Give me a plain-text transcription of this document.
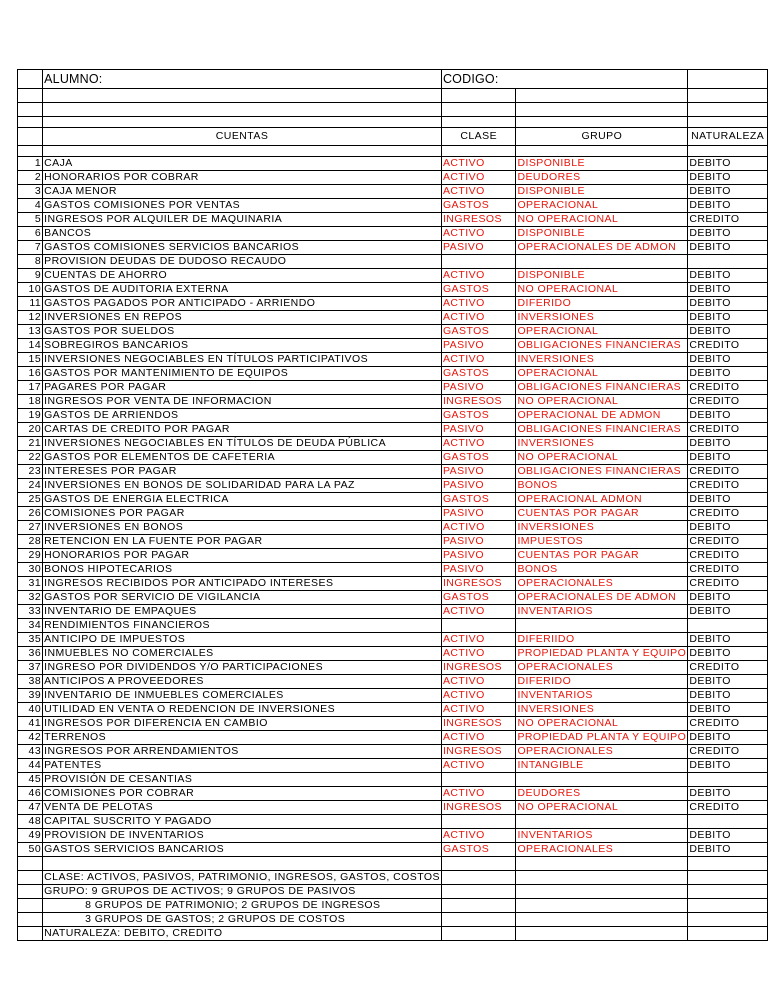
	ALUMNO:	CODIGO:		

	CUENTAS	CLASE	GRUPO	NATURALEZA

1	CAJA	ACTIVO	DISPONIBLE	DEBITO
2	HONORARIOS POR COBRAR	ACTIVO	DEUDORES	DEBITO
3	CAJA MENOR	ACTIVO	DISPONIBLE	DEBITO
4	GASTOS COMISIONES POR VENTAS	GASTOS	OPERACIONAL	DEBITO
5	INGRESOS POR ALQUILER DE MAQUINARIA	INGRESOS	NO OPERACIONAL	CREDITO
6	BANCOS	ACTIVO	DISPONIBLE	DEBITO
7	GASTOS COMISIONES SERVICIOS BANCARIOS	PASIVO	OPERACIONALES DE ADMON	DEBITO
8	PROVISION DEUDAS DE DUDOSO RECAUDO			
9	CUENTAS DE AHORRO	ACTIVO	DISPONIBLE	DEBITO
10	GASTOS DE AUDITORIA EXTERNA	GASTOS	NO OPERACIONAL	DEBITO
11	GASTOS PAGADOS POR ANTICIPADO - ARRIENDO	ACTIVO	DIFERIDO	DEBITO
12	INVERSIONES EN REPOS	ACTIVO	INVERSIONES	DEBITO
13	GASTOS POR SUELDOS	GASTOS	OPERACIONAL	DEBITO
14	SOBREGIROS BANCARIOS	PASIVO	OBLIGACIONES FINANCIERAS	CREDITO
15	INVERSIONES NEGOCIABLES EN TÍTULOS PARTICIPATIVOS	ACTIVO	INVERSIONES	DEBITO
16	GASTOS POR MANTENIMIENTO DE EQUIPOS	GASTOS	OPERACIONAL	DEBITO
17	PAGARES POR PAGAR	PASIVO	OBLIGACIONES FINANCIERAS	CREDITO
18	INGRESOS POR VENTA DE INFORMACION	INGRESOS	NO OPERACIONAL	CREDITO
19	GASTOS DE ARRIENDOS	GASTOS	OPERACIONAL DE ADMON	DEBITO
20	CARTAS DE CREDITO POR PAGAR	PASIVO	OBLIGACIONES FINANCIERAS	CREDITO
21	INVERSIONES NEGOCIABLES EN TÍTULOS DE DEUDA PÚBLICA	ACTIVO	INVERSIONES	DEBITO
22	GASTOS POR ELEMENTOS DE CAFETERIA	GASTOS	NO OPERACIONAL	DEBITO
23	INTERESES POR PAGAR	PASIVO	OBLIGACIONES FINANCIERAS	CREDITO
24	INVERSIONES EN BONOS DE SOLIDARIDAD PARA LA PAZ	PASIVO	BONOS	CREDITO
25	GASTOS DE ENERGIA ELECTRICA	GASTOS	OPERACIONAL ADMON	DEBITO
26	COMISIONES POR PAGAR	PASIVO	CUENTAS POR PAGAR	CREDITO
27	INVERSIONES EN BONOS	ACTIVO	INVERSIONES	DEBITO
28	RETENCION EN LA FUENTE POR PAGAR	PASIVO	IMPUESTOS	CREDITO
29	HONORARIOS POR PAGAR	PASIVO	CUENTAS POR PAGAR	CREDITO
30	BONOS HIPOTECARIOS	PASIVO	BONOS	CREDITO
31	INGRESOS RECIBIDOS POR ANTICIPADO INTERESES	INGRESOS	OPERACIONALES	CREDITO
32	GASTOS POR SERVICIO DE VIGILANCIA	GASTOS	OPERACIONALES DE ADMON	DEBITO
33	INVENTARIO DE EMPAQUES	ACTIVO	INVENTARIOS	DEBITO
34	RENDIMIENTOS FINANCIEROS			
35	ANTICIPO DE IMPUESTOS	ACTIVO	DIFERIIDO	DEBITO
36	INMUEBLES NO COMERCIALES	ACTIVO	PROPIEDAD PLANTA Y EQUIPO	DEBITO
37	INGRESO POR DIVIDENDOS Y/O PARTICIPACIONES	INGRESOS	OPERACIONALES	CREDITO
38	ANTICIPOS A PROVEEDORES	ACTIVO	DIFERIDO	DEBITO
39	INVENTARIO DE INMUEBLES COMERCIALES	ACTIVO	INVENTARIOS	DEBITO
40	UTILIDAD EN VENTA O REDENCION DE INVERSIONES	ACTIVO	INVERSIONES	DEBITO
41	INGRESOS POR DIFERENCIA EN CAMBIO	INGRESOS	NO OPERACIONAL	CREDITO
42	TERRENOS	ACTIVO	PROPIEDAD PLANTA Y EQUIPO	DEBITO
43	INGRESOS POR ARRENDAMIENTOS	INGRESOS	OPERACIONALES	CREDITO
44	PATENTES	ACTIVO	INTANGIBLE	DEBITO
45	PROVISIÓN DE CESANTIAS			
46	COMISIONES POR COBRAR	ACTIVO	DEUDORES	DEBITO
47	VENTA DE PELOTAS	INGRESOS	NO OPERACIONAL	CREDITO
48	CAPITAL SUSCRITO Y PAGADO			
49	PROVISION DE INVENTARIOS	ACTIVO	INVENTARIOS	DEBITO
50	GASTOS SERVICIOS BANCARIOS	GASTOS	OPERACIONALES	DEBITO

	CLASE: ACTIVOS, PASIVOS, PATRIMONIO, INGRESOS, GASTOS, COSTOS			
	GRUPO: 9 GRUPOS DE ACTIVOS; 9 GRUPOS DE PASIVOS			
	8 GRUPOS DE PATRIMONIO; 2 GRUPOS DE INGRESOS			
	3 GRUPOS DE GASTOS; 2 GRUPOS DE COSTOS			
	NATURALEZA: DEBITO, CREDITO			
